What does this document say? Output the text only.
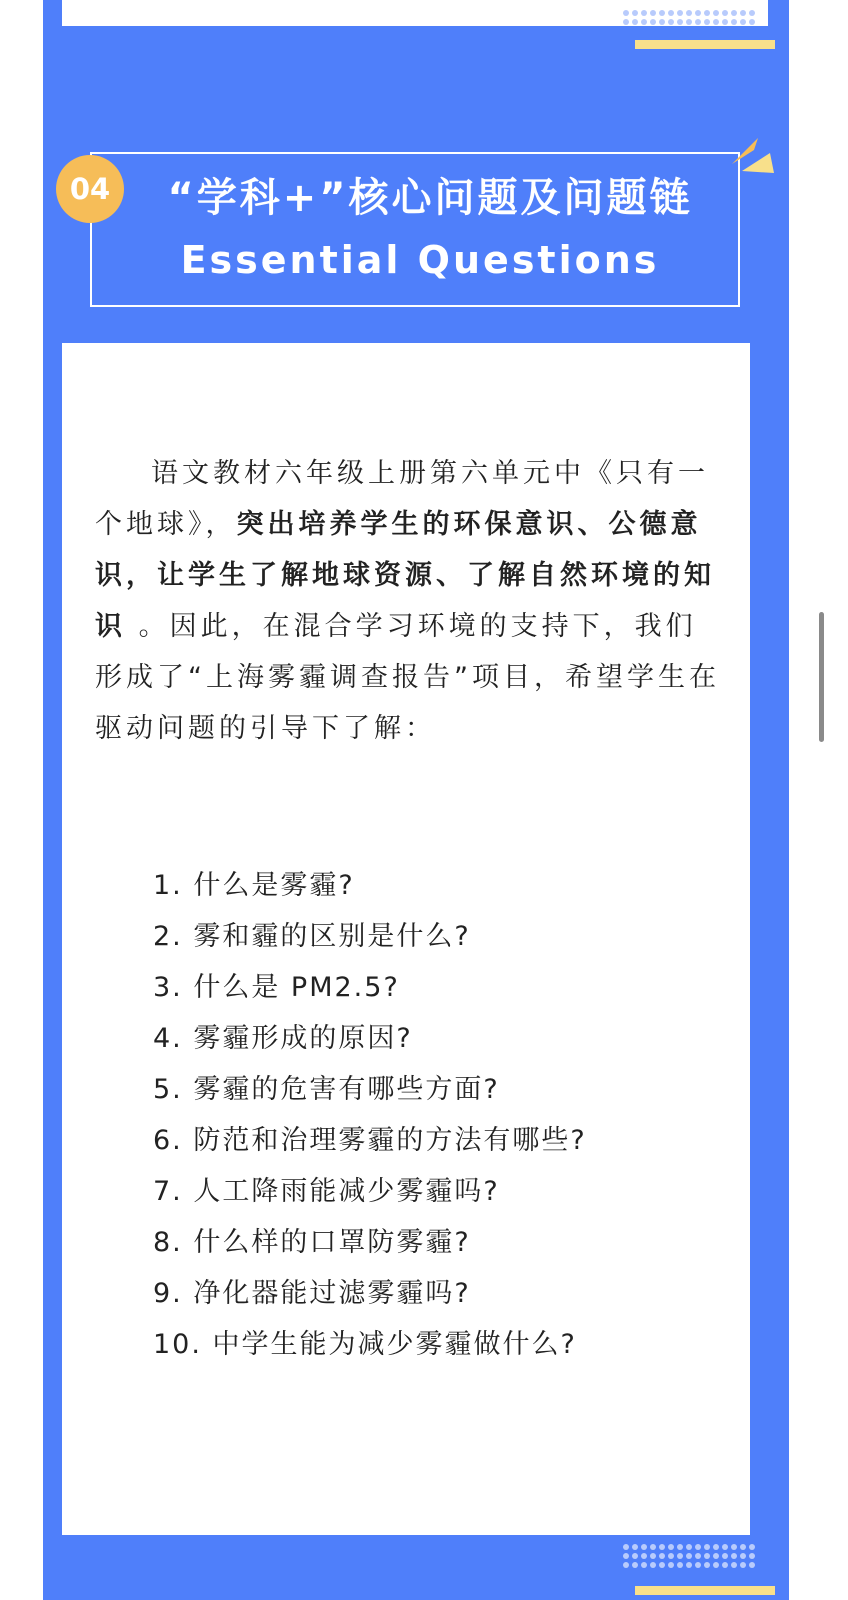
04	“学科+”核心问题及问题链
Essential Questions

语文教材六年级上册第六单元中《只有一个地球》，突出培养学生的环保意识、公德意识，让学生了解地球资源、了解自然环境的知识 。因此，在混合学习环境的支持下，我们形成了“上海雾霾调查报告”项目，希望学生在驱动问题的引导下了解：

1. 什么是雾霾?
2. 雾和霾的区别是什么?
3. 什么是 PM2.5?
4. 雾霾形成的原因?
5. 雾霾的危害有哪些方面?
6. 防范和治理雾霾的方法有哪些?
7. 人工降雨能减少雾霾吗?
8. 什么样的口罩防雾霾?
9. 净化器能过滤雾霾吗?
10. 中学生能为减少雾霾做什么?
